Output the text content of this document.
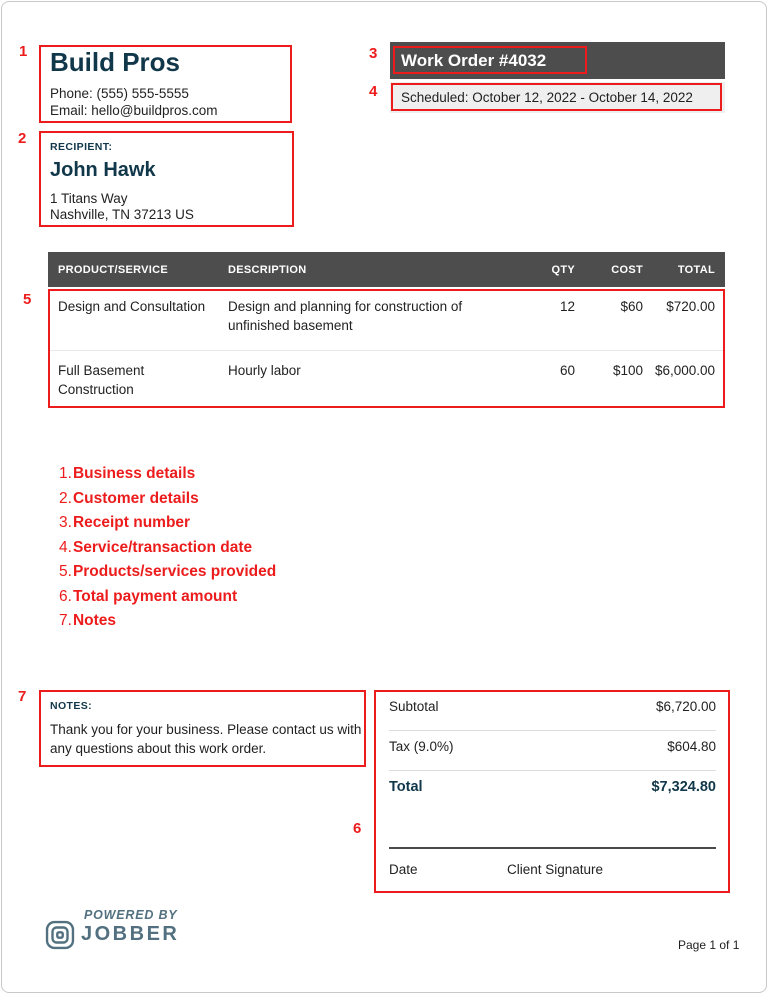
Build Pros
Phone: (555) 555-5555
Email: hello@buildpros.com
RECIPIENT:
John Hawk
1 Titans Way
Nashville, TN 37213 US
Work Order #4032
Scheduled: October 12, 2022 - October 14, 2022
PRODUCT/SERVICE	DESCRIPTION	QTY	COST	TOTAL
Design and Consultation	Design and planning for construction of unfinished basement	12	$60	$720.00
Full Basement Construction	Hourly labor	60	$100	$6,000.00
1.Business details
2.Customer details
3.Receipt number
4.Service/transaction date
5.Products/services provided
6.Total payment amount
7.Notes
NOTES:
Thank you for your business. Please contact us with any questions about this work order.
Subtotal	$6,720.00
Tax (9.0%)	$604.80
Total	$7,324.80
Date	Client Signature
1
2
3
4
5
6
7
POWERED BY
JOBBER	Page 1 of 1
